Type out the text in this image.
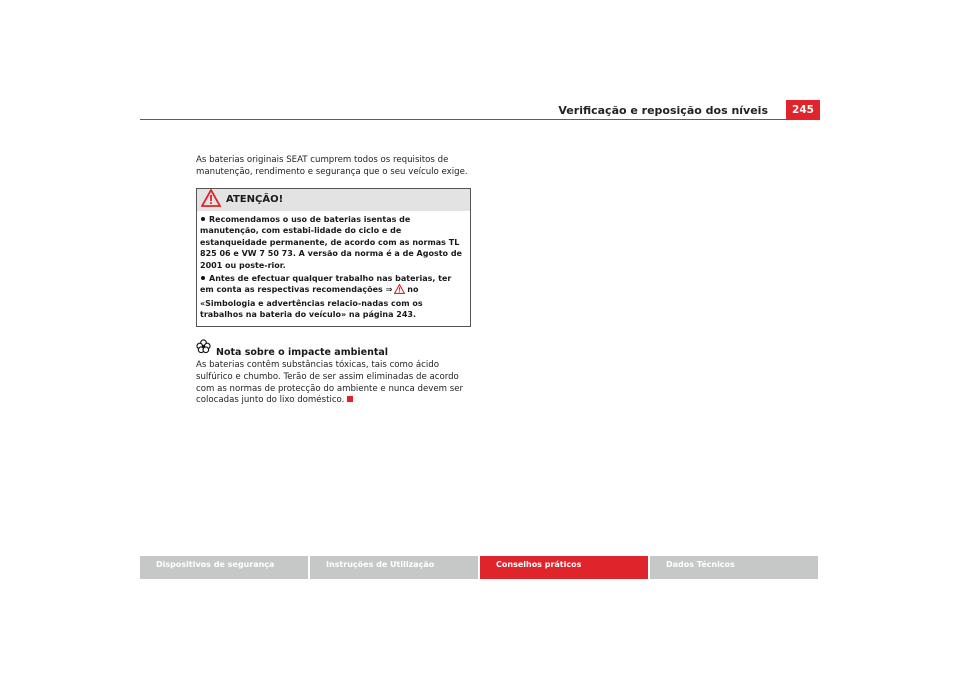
Verificação e reposição dos níveis	245

As baterias originais SEAT cumprem todos os requisitos de manutenção, rendimento e segurança que o seu veículo exige.

ATENÇÃO!

Recomendamos o uso de baterias isentas de manutenção, com estabi-lidade do ciclo e de estanqueidade permanente, de acordo com as normas TL 825 06 e VW 7 50 73. A versão da norma é a de Agosto de 2001 ou poste-rior.

Antes de efectuar qualquer trabalho nas baterias, ter em conta as respectivas recomendações ⇒ no «Simbologia e advertências relacio-nadas com os trabalhos na bateria do veículo» na página 243.

Nota sobre o impacte ambiental

As baterias contêm substâncias tóxicas, tais como ácido sulfúrico e chumbo. Terão de ser assim eliminadas de acordo com as normas de protecção do ambiente e nunca devem ser colocadas junto do lixo doméstico.

Dispositivos de segurança	Instruções de Utilização	Conselhos práticos	Dados Técnicos
